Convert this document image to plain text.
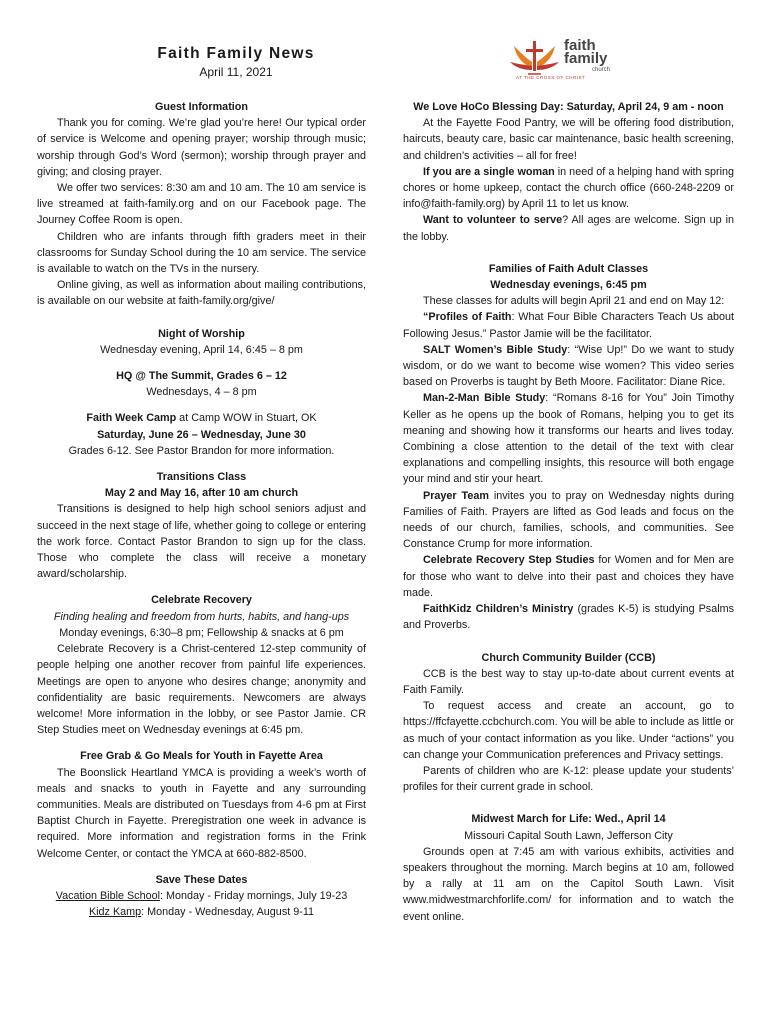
Faith Family News
April 11, 2021
faith
family
church
AT THE CROSS OF CHRIST

Guest Information

Thank you for coming. We’re glad you’re here! Our typical order of service is Welcome and opening prayer; worship through music; worship through God’s Word (sermon); worship through prayer and giving; and closing prayer.

We offer two services: 8:30 am and 10 am. The 10 am service is live streamed at faith-family.org and on our Facebook page. The Journey Coffee Room is open.

Children who are infants through fifth graders meet in their classrooms for Sunday School during the 10 am service. The service is available to watch on the TVs in the nursery.

Online giving, as well as information about mailing contributions, is available on our website at faith-family.org/give/

Night of Worship

Wednesday evening, April 14, 6:45 – 8 pm

HQ @ The Summit, Grades 6 – 12

Wednesdays, 4 – 8 pm

Faith Week Camp at Camp WOW in Stuart, OK

Saturday, June 26 – Wednesday, June 30

Grades 6-12. See Pastor Brandon for more information.

Transitions Class

May 2 and May 16, after 10 am church

Transitions is designed to help high school seniors adjust and succeed in the next stage of life, whether going to college or entering the work force. Contact Pastor Brandon to sign up for the class. Those who complete the class will receive a monetary award/scholarship.

Celebrate Recovery

Finding healing and freedom from hurts, habits, and hang-ups

Monday evenings, 6:30–8 pm; Fellowship & snacks at 6 pm

Celebrate Recovery is a Christ-centered 12-step community of people helping one another recover from painful life experiences. Meetings are open to anyone who desires change; anonymity and confidentiality are basic requirements. Newcomers are always welcome! More information in the lobby, or see Pastor Jamie. CR Step Studies meet on Wednesday evenings at 6:45 pm.

Free Grab & Go Meals for Youth in Fayette Area

The Boonslick Heartland YMCA is providing a week’s worth of meals and snacks to youth in Fayette and any surrounding communities. Meals are distributed on Tuesdays from 4-6 pm at First Baptist Church in Fayette. Preregistration one week in advance is required. More information and registration forms in the Frink Welcome Center, or contact the YMCA at 660-882-8500.

Save These Dates

Vacation Bible School: Monday - Friday mornings, July 19-23

Kidz Kamp: Monday - Wednesday, August 9-11

We Love HoCo Blessing Day: Saturday, April 24, 9 am - noon

At the Fayette Food Pantry, we will be offering food distribution, haircuts, beauty care, basic car maintenance, basic health screening, and children’s activities – all for free!

If you are a single woman in need of a helping hand with spring chores or home upkeep, contact the church office (660-248-2209 or info@faith-family.org) by April 11 to let us know.

Want to volunteer to serve? All ages are welcome. Sign up in the lobby.

Families of Faith Adult Classes

Wednesday evenings, 6:45 pm

These classes for adults will begin April 21 and end on May 12:

“Profiles of Faith: What Four Bible Characters Teach Us about Following Jesus.” Pastor Jamie will be the facilitator.

SALT Women’s Bible Study: “Wise Up!” Do we want to study wisdom, or do we want to become wise women? This video series based on Proverbs is taught by Beth Moore. Facilitator: Diane Rice.

Man-2-Man Bible Study: “Romans 8-16 for You” Join Timothy Keller as he opens up the book of Romans, helping you to get its meaning and showing how it transforms our hearts and lives today. Combining a close attention to the detail of the text with clear explanations and compelling insights, this resource will both engage your mind and stir your heart.

Prayer Team invites you to pray on Wednesday nights during Families of Faith. Prayers are lifted as God leads and focus on the needs of our church, families, schools, and communities. See Constance Crump for more information.

Celebrate Recovery Step Studies for Women and for Men are for those who want to delve into their past and choices they have made.

FaithKidz Children’s Ministry (grades K-5) is studying Psalms and Proverbs.

Church Community Builder (CCB)

CCB is the best way to stay up-to-date about current events at Faith Family.

To request access and create an account, go to https://ffcfayette.ccbchurch.com. You will be able to include as little or as much of your contact information as you like. Under “actions” you can change your Communication preferences and Privacy settings.

Parents of children who are K-12: please update your students’ profiles for their current grade in school.

Midwest March for Life: Wed., April 14

Missouri Capital South Lawn, Jefferson City

Grounds open at 7:45 am with various exhibits, activities and speakers throughout the morning. March begins at 10 am, followed by a rally at 11 am on the Capitol South Lawn. Visit www.midwestmarchforlife.com/ for information and to watch the event online.
